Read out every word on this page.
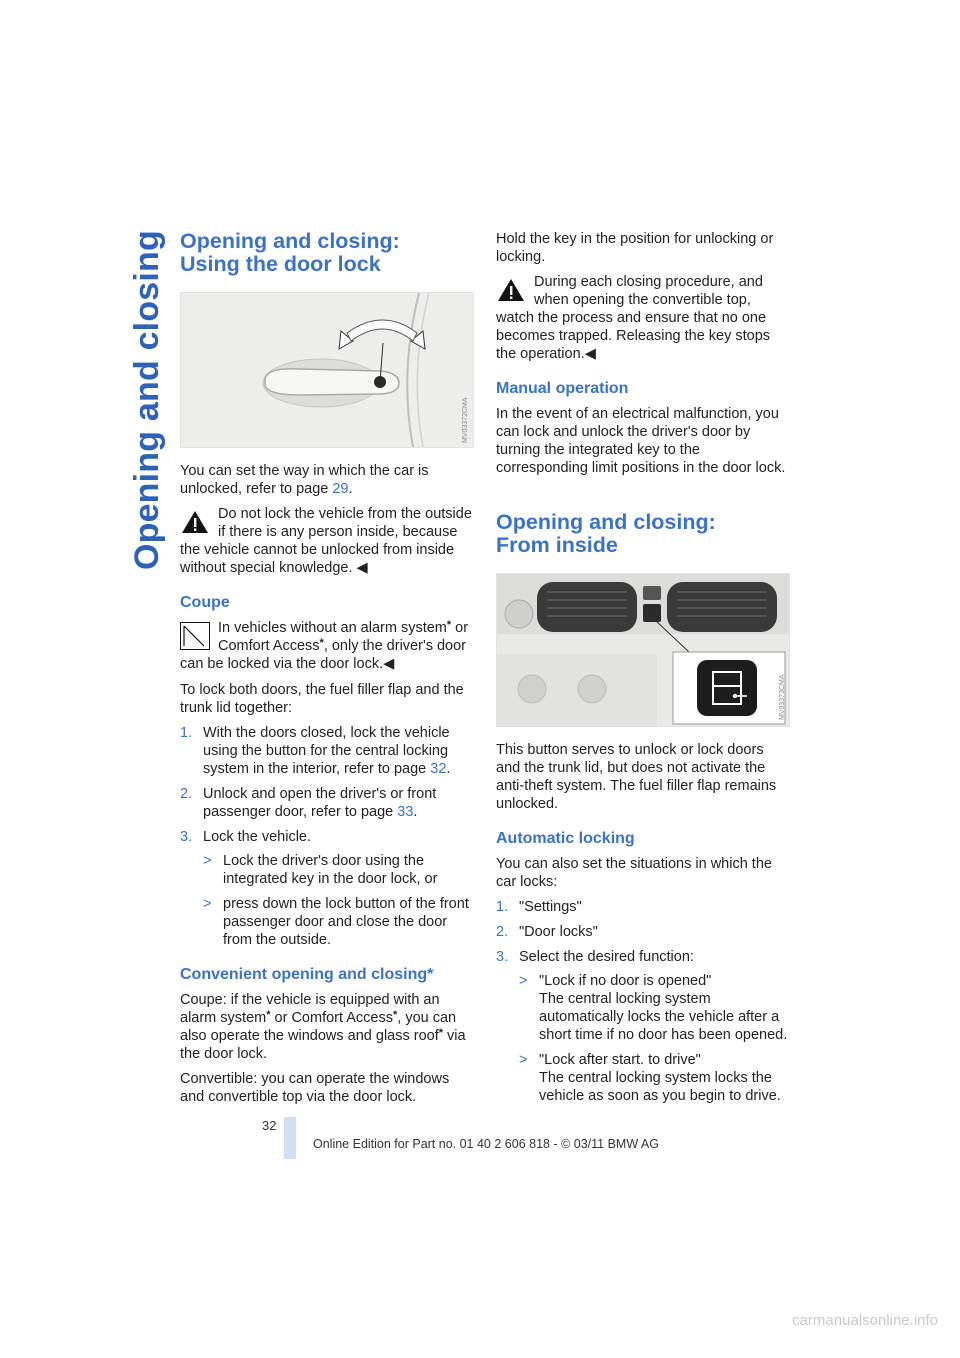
Opening and closing Opening and closing:
Using the door lock
MV03372CMA

You can set the way in which the car is unlocked, refer to page 29.

Do not lock the vehicle from the outside if there is any person inside, because the vehicle cannot be unlocked from inside without special knowledge. ◀
Coupe
In vehicles without an alarm system* or Comfort Access*, only the driver's door can be locked via the door lock.◀

To lock both doors, the fuel filler flap and the trunk lid together:

1. With the doors closed, lock the vehicle using the button for the central locking system in the interior, refer to page 32.
2. Unlock and open the driver's or front passenger door, refer to page 33.
3. Lock the vehicle.
> Lock the driver's door using the integrated key in the door lock, or
> press down the lock button of the front passenger door and close the door from the outside.
Convenient opening and closing*

Coupe: if the vehicle is equipped with an alarm system* or Comfort Access*, you can also operate the windows and glass roof* via the door lock.

Convertible: you can operate the windows and convertible top via the door lock.

Hold the key in the position for unlocking or locking.

During each closing procedure, and when opening the convertible top, watch the process and ensure that no one becomes trapped. Releasing the key stops the operation.◀
Manual operation

In the event of an electrical malfunction, you can lock and unlock the driver's door by turning the integrated key to the corresponding limit positions in the door lock.

Opening and closing:
From inside
MV03373CMA

This button serves to unlock or lock doors and the trunk lid, but does not activate the anti-theft system. The fuel filler flap remains unlocked.

Automatic locking

You can also set the situations in which the car locks:

1. "Settings"
2. "Door locks"
3. Select the desired function:
> "Lock if no door is opened"
The central locking system automatically locks the vehicle after a short time if no door has been opened.
> "Lock after start. to drive"
The central locking system locks the vehicle as soon as you begin to drive.
32
Online Edition for Part no. 01 40 2 606 818 - © 03/11 BMW AG
carmanualsonline.info
